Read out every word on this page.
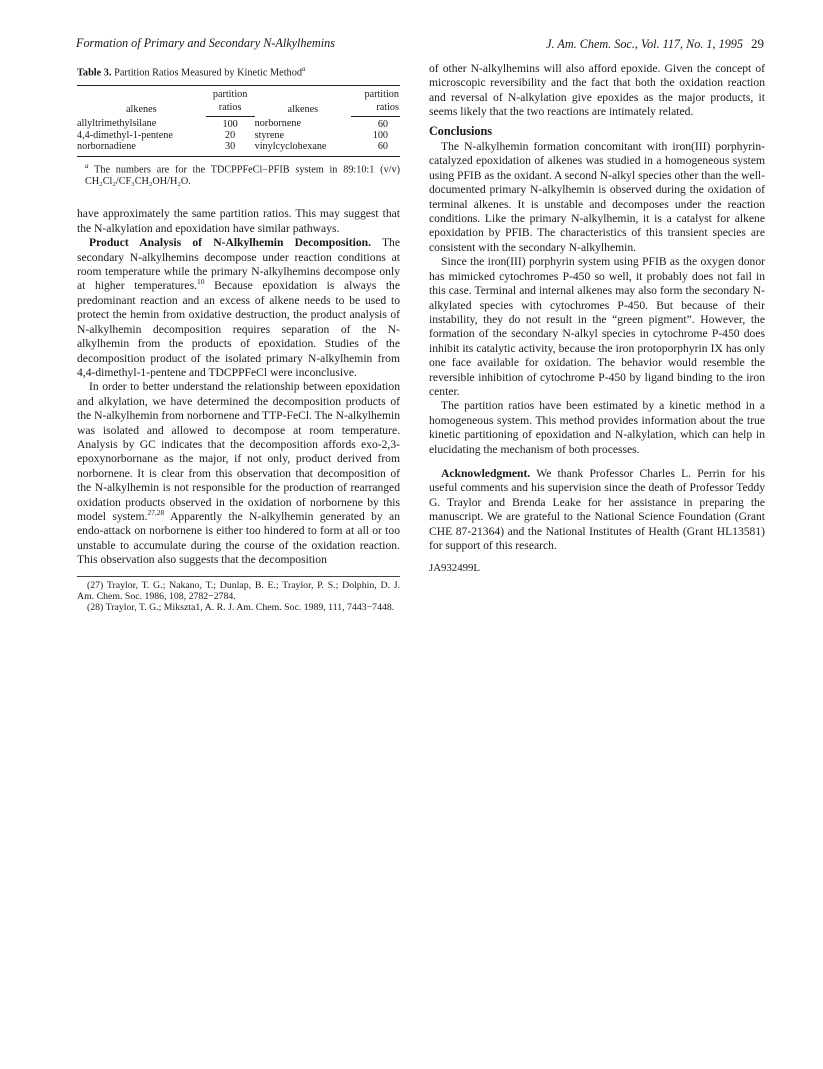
Formation of Primary and Secondary N-Alkylhemins	J. Am. Chem. Soc., Vol. 117, No. 1, 1995 29
Table 3. Partition Ratios Measured by Kinetic Method$^a$
alkenes	partition	alkenes	partition
	ratios		ratios
allyltrimethylsilane	100	norbornene	60
4,4-dimethyl-1-pentene	20	styrene	100
norbornadiene	30	vinylcyclohexane	60
$^a$ The numbers are for the TDCPPFeCl−PFIB system in 89:10:1 (v/v) CH₂Cl₂/CF₃CH₂OH/H₂O.

have approximately the same partition ratios. This may suggest that the N-alkylation and epoxidation have similar pathways.

Product Analysis of N-Alkylhemin Decomposition. The secondary N-alkylhemins decompose under reaction conditions at room temperature while the primary N-alkylhemins decompose only at higher temperatures.$^{10}$ Because epoxidation is always the predominant reaction and an excess of alkene needs to be used to protect the hemin from oxidative destruction, the product analysis of N-alkylhemin decomposition requires separation of the N-alkylhemin from the products of epoxidation. Studies of the decomposition product of the isolated primary N-alkylhemin from 4,4-dimethyl-1-pentene and TDCPPFeCl were inconclusive.

In order to better understand the relationship between epoxidation and alkylation, we have determined the decomposition products of the N-alkylhemin from norbornene and TTP-FeCl. The N-alkylhemin was isolated and allowed to decompose at room temperature. Analysis by GC indicates that the decomposition affords exo-2,3-epoxynorbornane as the major, if not only, product derived from norbornene. It is clear from this observation that decomposition of the N-alkylhemin is not responsible for the production of rearranged oxidation products observed in the oxidation of norbornene by this model system.$^{27,28}$ Apparently the N-alkylhemin generated by an endo-attack on norbornene is either too hindered to form at all or too unstable to accumulate during the course of the oxidation reaction. This observation also suggests that the decomposition

(27) Traylor, T. G.; Nakano, T.; Dunlap, B. E.; Traylor, P. S.; Dolphin, D. J. Am. Chem. Soc. 1986, 108, 2782−2784.

(28) Traylor, T. G.; Mikszta1, A. R. J. Am. Chem. Soc. 1989, 111, 7443−7448.

of other N-alkylhemins will also afford epoxide. Given the concept of microscopic reversibility and the fact that both the oxidation reaction and reversal of N-alkylation give epoxides as the major products, it seems likely that the two reactions are intimately related.

Conclusions

The N-alkylhemin formation concomitant with iron(III) porphyrin-catalyzed epoxidation of alkenes was studied in a homogeneous system using PFIB as the oxidant. A second N-alkyl species other than the well-documented primary N-alkylhemin is observed during the oxidation of terminal alkenes. It is unstable and decomposes under the reaction conditions. Like the primary N-alkylhemin, it is a catalyst for alkene epoxidation by PFIB. The characteristics of this transient species are consistent with the secondary N-alkylhemin.

Since the iron(III) porphyrin system using PFIB as the oxygen donor has mimicked cytochromes P-450 so well, it probably does not fail in this case. Terminal and internal alkenes may also form the secondary N-alkylated species with cytochromes P-450. But because of their instability, they do not result in the “green pigment”. However, the formation of the secondary N-alkyl species in cytochrome P-450 does inhibit its catalytic activity, because the iron protoporphyrin IX has only one face available for oxidation. The behavior would resemble the reversible inhibition of cytochrome P-450 by ligand binding to the iron center.

The partition ratios have been estimated by a kinetic method in a homogeneous system. This method provides information about the true kinetic partitioning of epoxidation and N-alkylation, which can help in elucidating the mechanism of both processes.

Acknowledgment. We thank Professor Charles L. Perrin for his useful comments and his supervision since the death of Professor Teddy G. Traylor and Brenda Leake for her assistance in preparing the manuscript. We are grateful to the National Science Foundation (Grant CHE 87-21364) and the National Institutes of Health (Grant HL13581) for support of this research.

JA932499L
